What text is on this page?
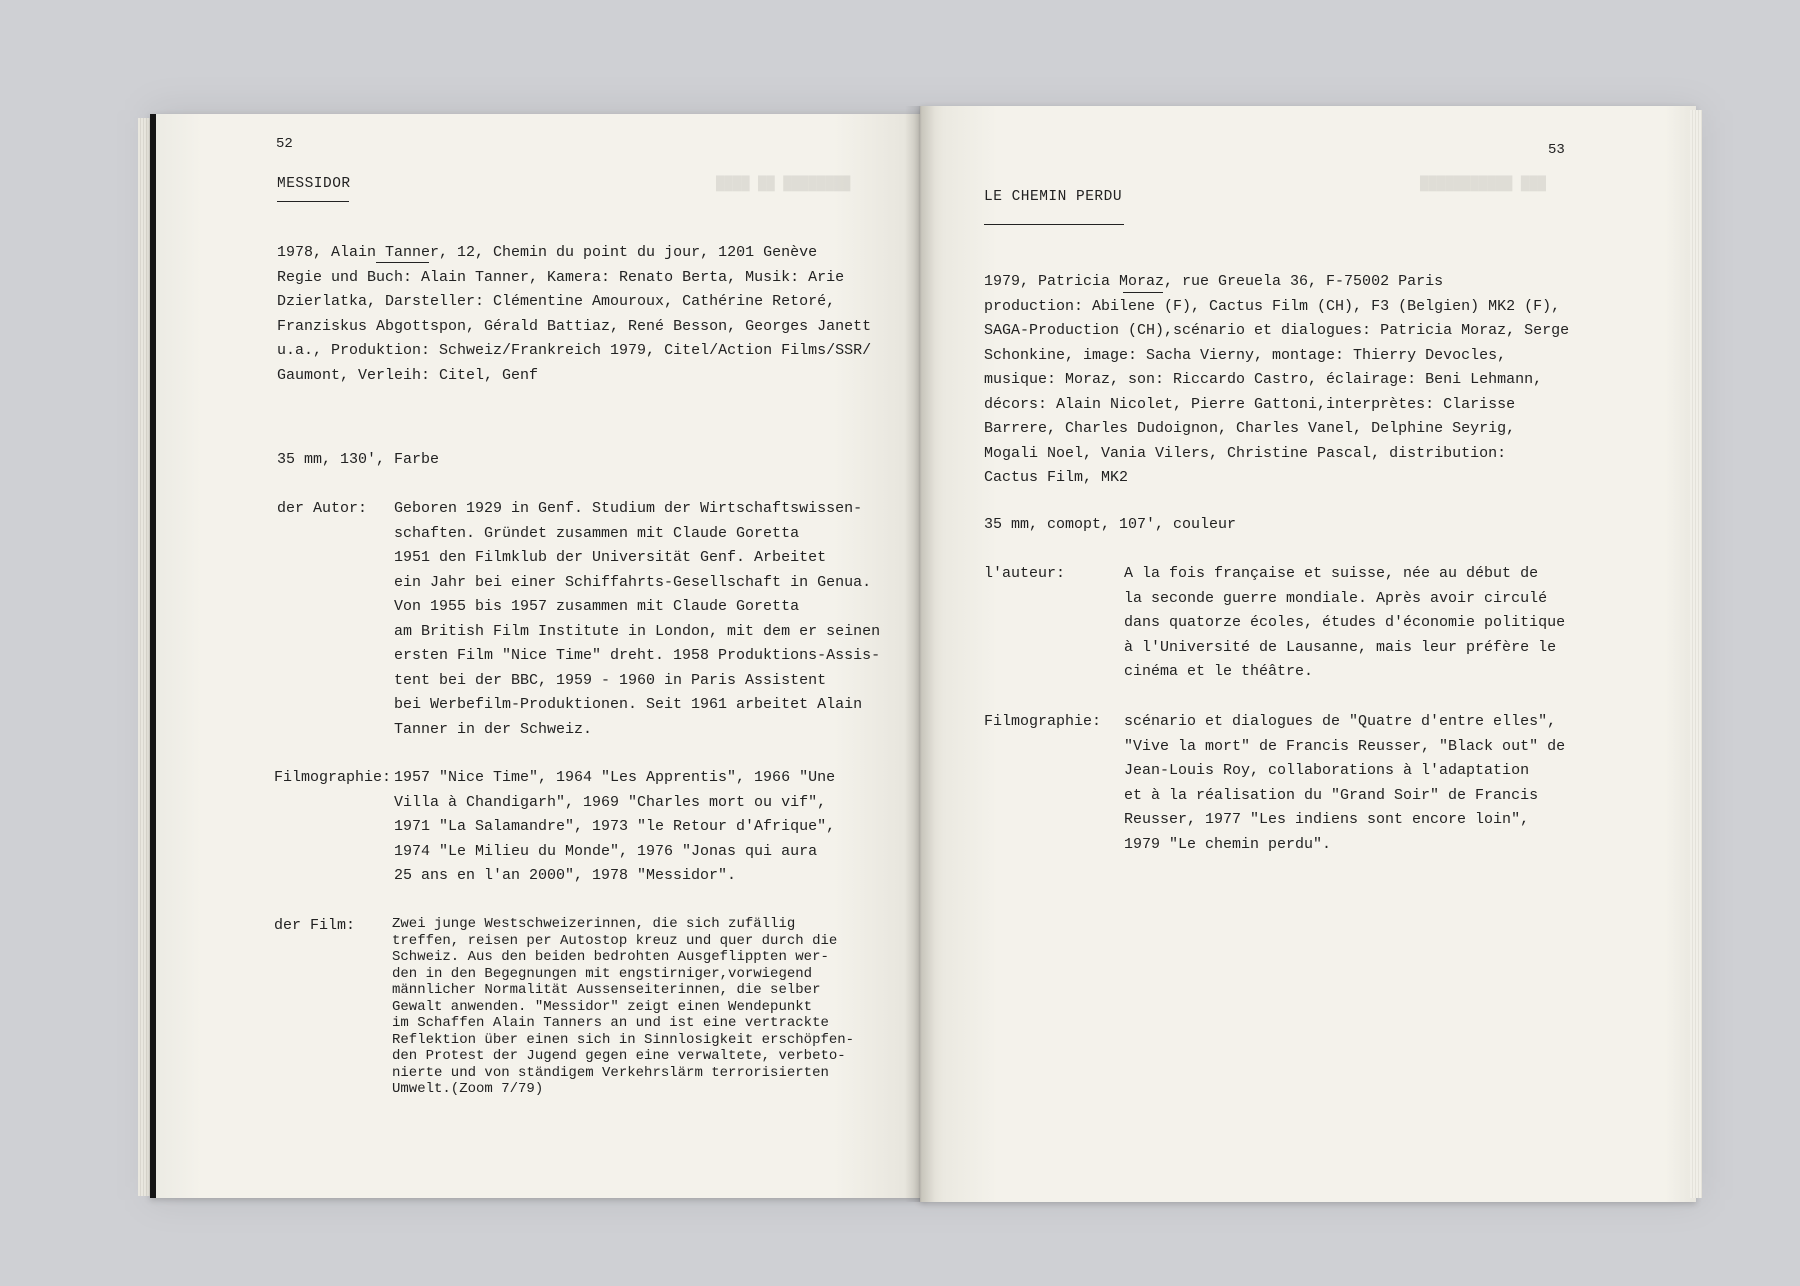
████████ ██ ████
52
MESSIDOR
1978, Alain Tanner, 12, Chemin du point du jour, 1201 Genève
Regie und Buch: Alain Tanner, Kamera: Renato Berta, Musik: Arie
Dzierlatka, Darsteller: Clémentine Amouroux, Cathérine Retoré,
Franziskus Abgottspon, Gérald Battiaz, René Besson, Georges Janett
u.a., Produktion: Schweiz/Frankreich 1979, Citel/Action Films/SSR/
Gaumont, Verleih: Citel, Genf
35 mm, 130', Farbe
der Autor: Geboren 1929 in Genf. Studium der Wirtschaftswissen-
schaften. Gründet zusammen mit Claude Goretta
1951 den Filmklub der Universität Genf. Arbeitet
ein Jahr bei einer Schiffahrts-Gesellschaft in Genua.
Von 1955 bis 1957 zusammen mit Claude Goretta
am British Film Institute in London, mit dem er seinen
ersten Film "Nice Time" dreht. 1958 Produktions-Assis-
tent bei der BBC, 1959 - 1960 in Paris Assistent
bei Werbefilm-Produktionen. Seit 1961 arbeitet Alain
Tanner in der Schweiz.
Filmographie: 1957 "Nice Time", 1964 "Les Apprentis", 1966 "Une
Villa à Chandigarh", 1969 "Charles mort ou vif",
1971 "La Salamandre", 1973 "le Retour d'Afrique",
1974 "Le Milieu du Monde", 1976 "Jonas qui aura
25 ans en l'an 2000", 1978 "Messidor".
der Film:	Zwei junge Westschweizerinnen, die sich zufällig
treffen, reisen per Autostop kreuz und quer durch die
Schweiz. Aus den beiden bedrohten Ausgeflippten wer-
den in den Begegnungen mit engstirniger,vorwiegend
männlicher Normalität Aussenseiterinnen, die selber
Gewalt anwenden. "Messidor" zeigt einen Wendepunkt
im Schaffen Alain Tanners an und ist eine vertrackte
Reflektion über einen sich in Sinnlosigkeit erschöpfen-
den Protest der Jugend gegen eine verwaltete, verbeto-
nierte und von ständigem Verkehrslärm terrorisierten
Umwelt.(Zoom 7/79)
███ ███████████
53
LE CHEMIN PERDU
1979, Patricia Moraz, rue Greuela 36, F-75002 Paris
production: Abilene (F), Cactus Film (CH), F3 (Belgien) MK2 (F),
SAGA-Production (CH),scénario et dialogues: Patricia Moraz, Serge
Schonkine, image: Sacha Vierny, montage: Thierry Devocles,
musique: Moraz, son: Riccardo Castro, éclairage: Beni Lehmann,
décors: Alain Nicolet, Pierre Gattoni,interprètes: Clarisse
Barrere, Charles Dudoignon, Charles Vanel, Delphine Seyrig,
Mogali Noel, Vania Vilers, Christine Pascal, distribution:
Cactus Film, MK2
35 mm, comopt, 107', couleur
l'auteur:	A la fois française et suisse, née au début de
la seconde guerre mondiale. Après avoir circulé
dans quatorze écoles, études d'économie politique
à l'Université de Lausanne, mais leur préfère le
cinéma et le théâtre.
Filmographie: scénario et dialogues de "Quatre d'entre elles",
"Vive la mort" de Francis Reusser, "Black out" de
Jean-Louis Roy, collaborations à l'adaptation
et à la réalisation du "Grand Soir" de Francis
Reusser, 1977 "Les indiens sont encore loin",
1979 "Le chemin perdu".
